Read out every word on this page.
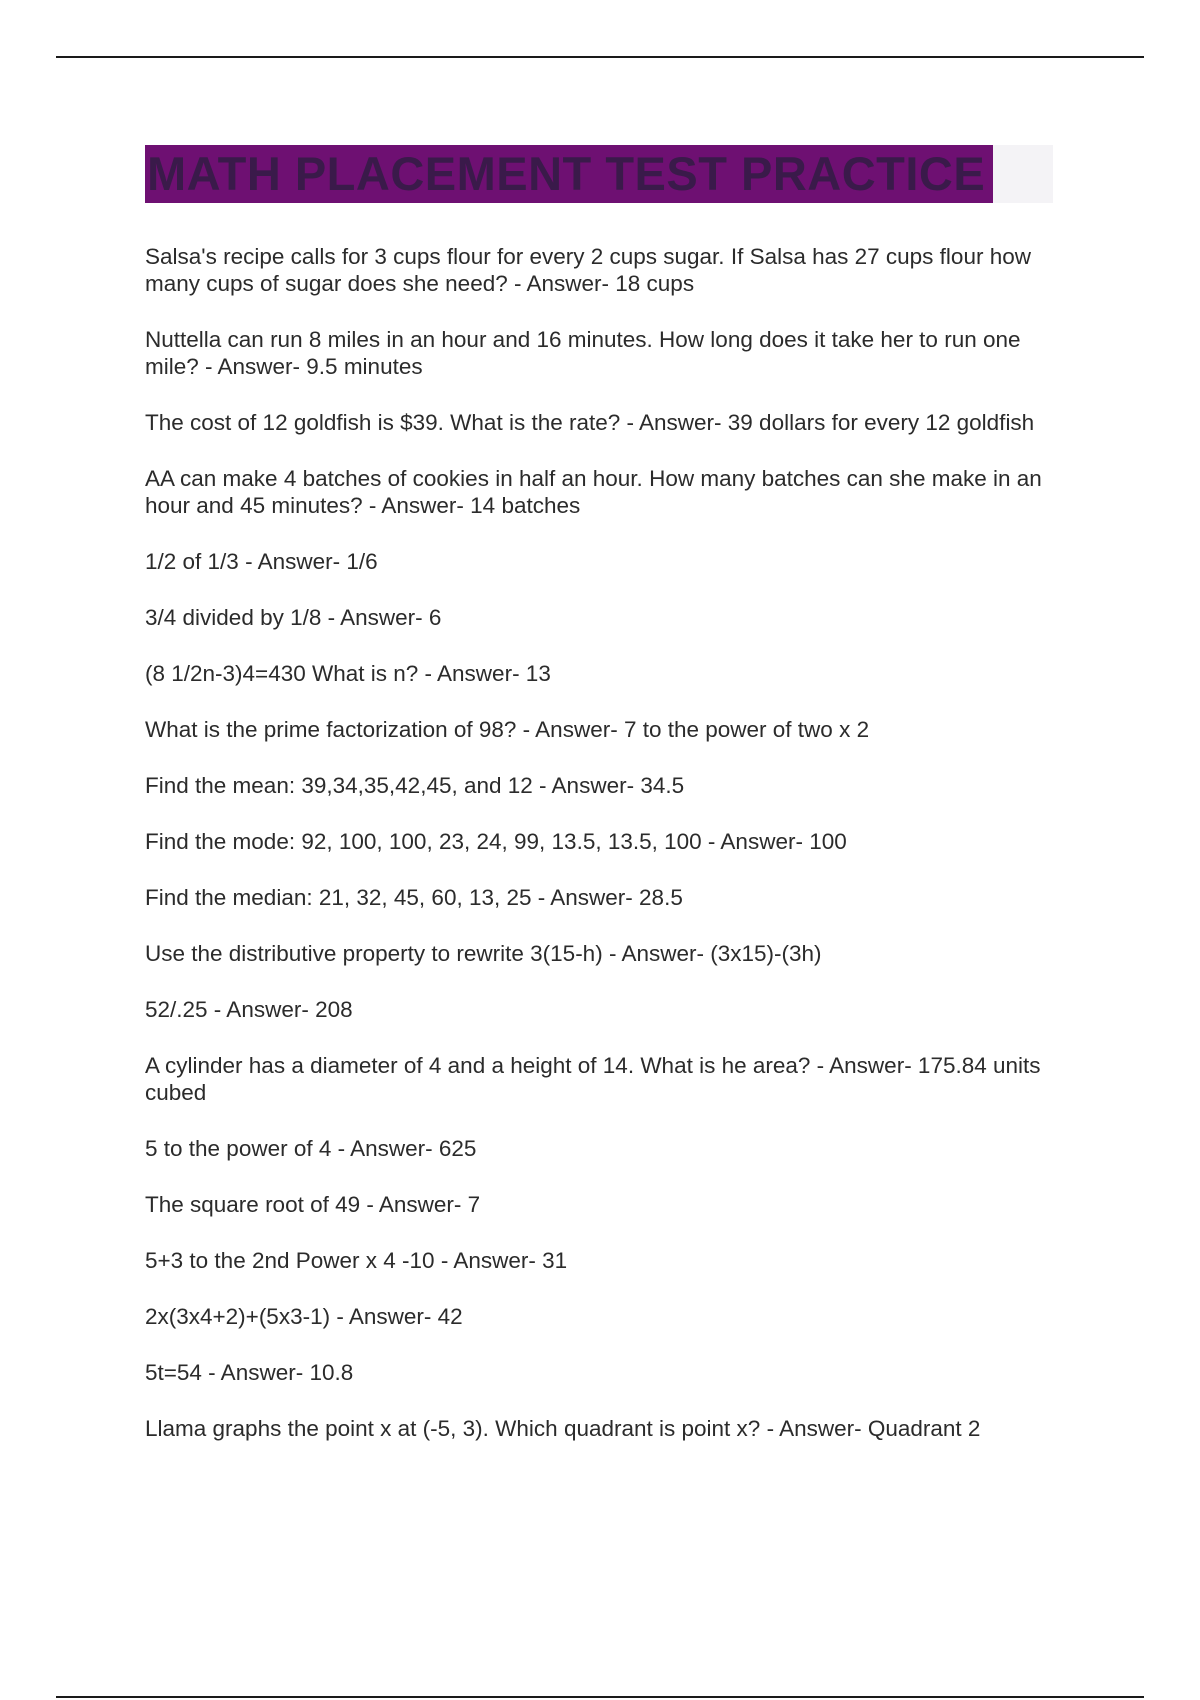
MATH PLACEMENT TEST PRACTICE
Salsa's recipe calls for 3 cups flour for every 2 cups sugar. If Salsa has 27 cups flour how many cups of sugar does she need? - Answer- 18 cups
Nuttella can run 8 miles in an hour and 16 minutes. How long does it take her to run one mile? - Answer- 9.5 minutes
The cost of 12 goldfish is $39. What is the rate? - Answer- 39 dollars for every 12 goldfish
AA can make 4 batches of cookies in half an hour. How many batches can she make in an hour and 45 minutes? - Answer- 14 batches
1/2 of 1/3 - Answer- 1/6
3/4 divided by 1/8 - Answer- 6
(8 1/2n-3)4=430 What is n? - Answer- 13
What is the prime factorization of 98? - Answer- 7 to the power of two x 2
Find the mean: 39,34,35,42,45, and 12 - Answer- 34.5
Find the mode: 92, 100, 100, 23, 24, 99, 13.5, 13.5, 100 - Answer- 100
Find the median: 21, 32, 45, 60, 13, 25 - Answer- 28.5
Use the distributive property to rewrite 3(15-h) - Answer- (3x15)-(3h)
52/.25 - Answer- 208
A cylinder has a diameter of 4 and a height of 14. What is he area? - Answer- 175.84 units cubed
5 to the power of 4 - Answer- 625
The square root of 49 - Answer- 7
5+3 to the 2nd Power x 4 -10 - Answer- 31
2x(3x4+2)+(5x3-1) - Answer- 42
5t=54 - Answer- 10.8
Llama graphs the point x at (-5, 3). Which quadrant is point x? - Answer- Quadrant 2
